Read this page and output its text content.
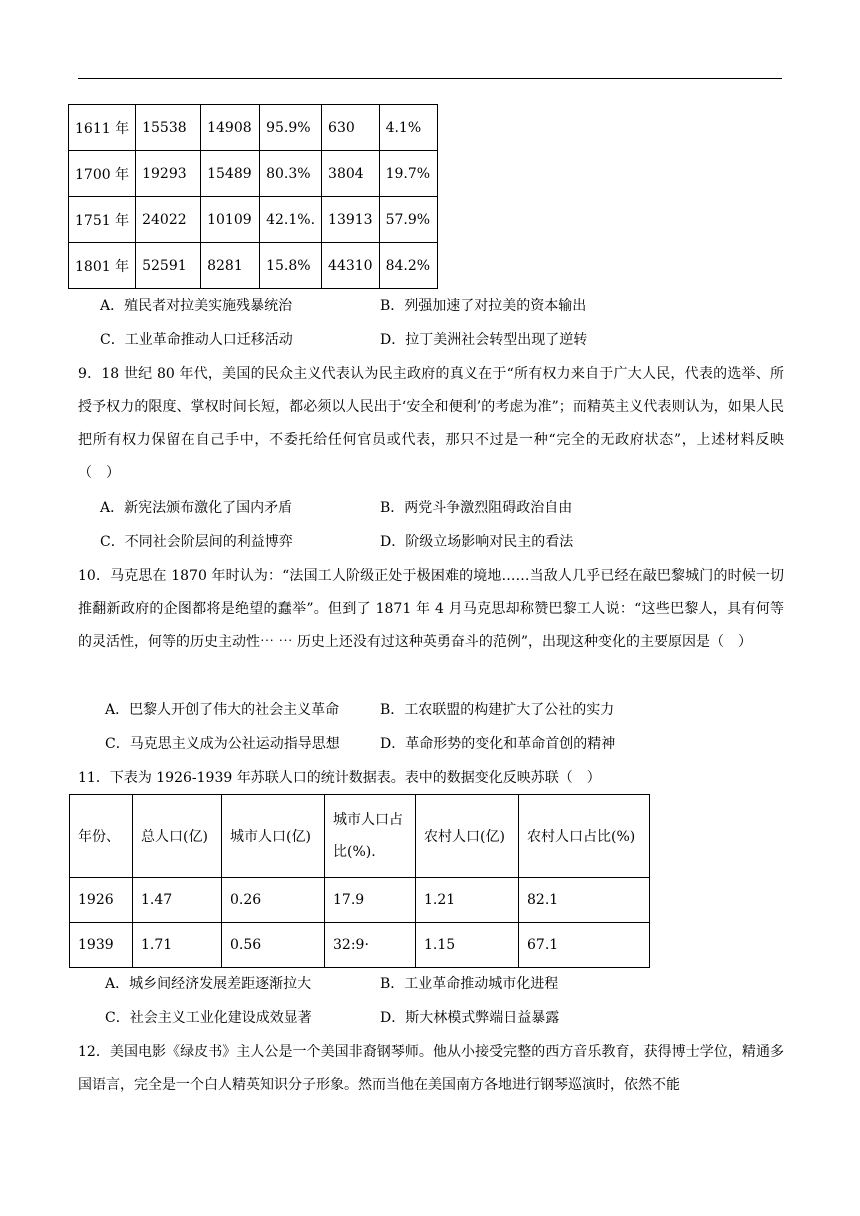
1611 年	15538	14908	95.9%	630	4.1%
1700 年	19293	15489	80.3%	3804	19.7%
1751 年	24022	10109	42.1%.	13913	57.9%
1801 年	52591	8281	15.8%	44310	84.2%
A．殖民者对拉美实施残暴统治	B．列强加速了对拉美的资本输出
C．工业革命推动人口迁移活动	D．拉丁美洲社会转型出现了逆转

9．18 世纪 80 年代，美国的民众主义代表认为民主政府的真义在于“所有权力来自于广大人民，代表的选举、所授予权力的限度、掌权时间长短，都必须以人民出于‘安全和便利’的考虑为准”；而精英主义代表则认为，如果人民把所有权力保留在自己手中，不委托给任何官员或代表，那只不过是一种“完全的无政府状态”，上述材料反映（　）

A．新宪法颁布激化了国内矛盾	B．两党斗争激烈阻碍政治自由
C．不同社会阶层间的利益博弈	D．阶级立场影响对民主的看法

10．马克思在 1870 年时认为：“法国工人阶级正处于极困难的境地……当敌人几乎已经在敲巴黎城门的时候一切推翻新政府的企图都将是绝望的蠢举”。但到了 1871 年 4 月马克思却称赞巴黎工人说：“这些巴黎人，具有何等的灵活性，何等的历史主动性⋯ ⋯ 历史上还没有过这种英勇奋斗的范例”，出现这种变化的主要原因是（　）

A．巴黎人开创了伟大的社会主义革命	B．工农联盟的构建扩大了公社的实力
C．马克思主义成为公社运动指导思想	D．革命形势的变化和革命首创的精神

11．下表为 1926-1939 年苏联人口的统计数据表。表中的数据变化反映苏联（　）

年份、	总人口(亿)	城市人口(亿)	城市人口占比(%).	农村人口(亿)	农村人口占比(%)
1926	1.47	0.26	17.9	1.21	82.1
1939	1.71	0.56	32:9·	1.15	67.1
A．城乡间经济发展差距逐渐拉大	B．工业革命推动城市化进程
C．社会主义工业化建设成效显著	D．斯大林模式弊端日益暴露

12．美国电影《绿皮书》主人公是一个美国非裔钢琴师。他从小接受完整的西方音乐教育，获得博士学位，精通多国语言，完全是一个白人精英知识分子形象。然而当他在美国南方各地进行钢琴巡演时，依然不能
